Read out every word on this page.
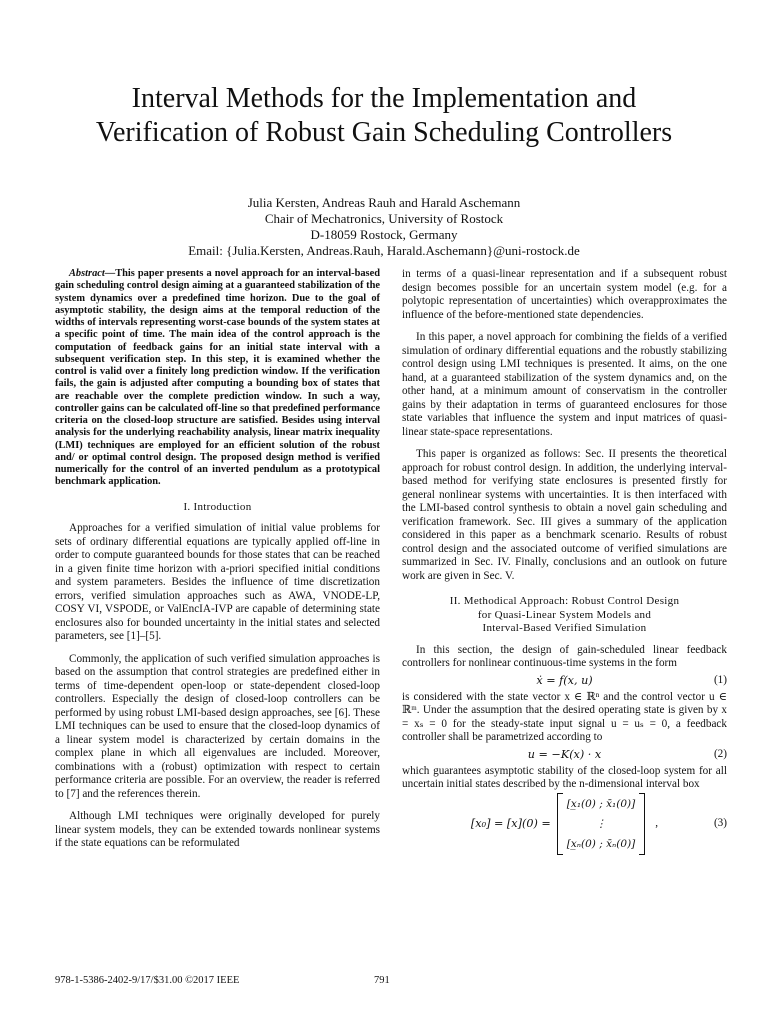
Interval Methods for the Implementation and
Verification of Robust Gain Scheduling Controllers
Julia Kersten, Andreas Rauh and Harald Aschemann
Chair of Mechatronics, University of Rostock
D-18059 Rostock, Germany
Email: {Julia.Kersten, Andreas.Rauh, Harald.Aschemann}@uni-rostock.de

Abstract—This paper presents a novel approach for an interval-based gain scheduling control design aiming at a guaranteed stabilization of the system dynamics over a predefined time horizon. Due to the goal of asymptotic stability, the design aims at the temporal reduction of the widths of intervals representing worst-case bounds of the system states at a specific point of time. The main idea of the control approach is the computation of feedback gains for an initial state interval with a subsequent verification step. In this step, it is examined whether the control is valid over a finitely long prediction window. If the verification fails, the gain is adjusted after computing a bounding box of states that are reachable over the complete prediction window. In such a way, controller gains can be calculated off-line so that predefined performance criteria on the closed-loop structure are satisfied. Besides using interval analysis for the underlying reachability analysis, linear matrix inequality (LMI) techniques are employed for an efficient solution of the robust and/ or optimal control design. The proposed design method is verified numerically for the control of an inverted pendulum as a prototypical benchmark application.

I. Introduction

Approaches for a verified simulation of initial value problems for sets of ordinary differential equations are typically applied off-line in order to compute guaranteed bounds for those states that can be reached in a given finite time horizon with a-priori specified initial conditions and system parameters. Besides the influence of time discretization errors, verified simulation approaches such as AWA, VNODE-LP, COSY VI, VSPODE, or ValEncIA-IVP are capable of determining state enclosures also for bounded uncertainty in the initial states and selected parameters, see [1]–[5].

Commonly, the application of such verified simulation approaches is based on the assumption that control strategies are predefined either in terms of time-dependent open-loop or state-dependent closed-loop controllers. Especially the design of closed-loop controllers can be performed by using robust LMI-based design approaches, see [6]. These LMI techniques can be used to ensure that the closed-loop dynamics of a linear system model is characterized by certain domains in the complex plane in which all eigenvalues are included. Moreover, combinations with a (robust) optimization with respect to certain performance criteria are possible. For an overview, the reader is referred to [7] and the references therein.

Although LMI techniques were originally developed for purely linear system models, they can be extended towards nonlinear systems if the state equations can be reformulated

in terms of a quasi-linear representation and if a subsequent robust design becomes possible for an uncertain system model (e.g. for a polytopic representation of uncertainties) which overapproximates the influence of the before-mentioned state dependencies.

In this paper, a novel approach for combining the fields of a verified simulation of ordinary differential equations and the robustly stabilizing control design using LMI techniques is presented. It aims, on the one hand, at a guaranteed stabilization of the system dynamics and, on the other hand, at a minimum amount of conservatism in the controller gains by their adaptation in terms of guaranteed enclosures for those state variables that influence the system and input matrices of quasi-linear state-space representations.

This paper is organized as follows: Sec. II presents the theoretical approach for robust control design. In addition, the underlying interval-based method for verifying state enclosures is presented firstly for general nonlinear systems with uncertainties. It is then interfaced with the LMI-based control synthesis to obtain a novel gain scheduling and verification framework. Sec. III gives a summary of the application considered in this paper as a benchmark scenario. Results of robust control design and the associated outcome of verified simulations are summarized in Sec. IV. Finally, conclusions and an outlook on future work are given in Sec. V.

II. Methodical Approach: Robust Control Design
for Quasi-Linear System Models and
Interval-Based Verified Simulation

In this section, the design of gain-scheduled linear feedback controllers for nonlinear continuous-time systems in the form

ẋ = f(x, u)	(1)

is considered with the state vector x ∈ ℝⁿ and the control vector u ∈ ℝᵐ. Under the assumption that the desired operating state is given by x = xₛ = 0 for the steady-state input signal u = uₛ = 0, a feedback controller shall be parametrized according to

u = −K(x) · x	(2)

which guarantees asymptotic stability of the closed-loop system for all uncertain initial states described by the n-dimensional interval box

[x₀] = [x](0) =
[x̲₁(0) ; x̄₁(0)]
⋮
[x̲ₙ(0) ; x̄ₙ(0)]
,	(3)
978-1-5386-2402-9/17/$31.00 ©2017 IEEE	791
